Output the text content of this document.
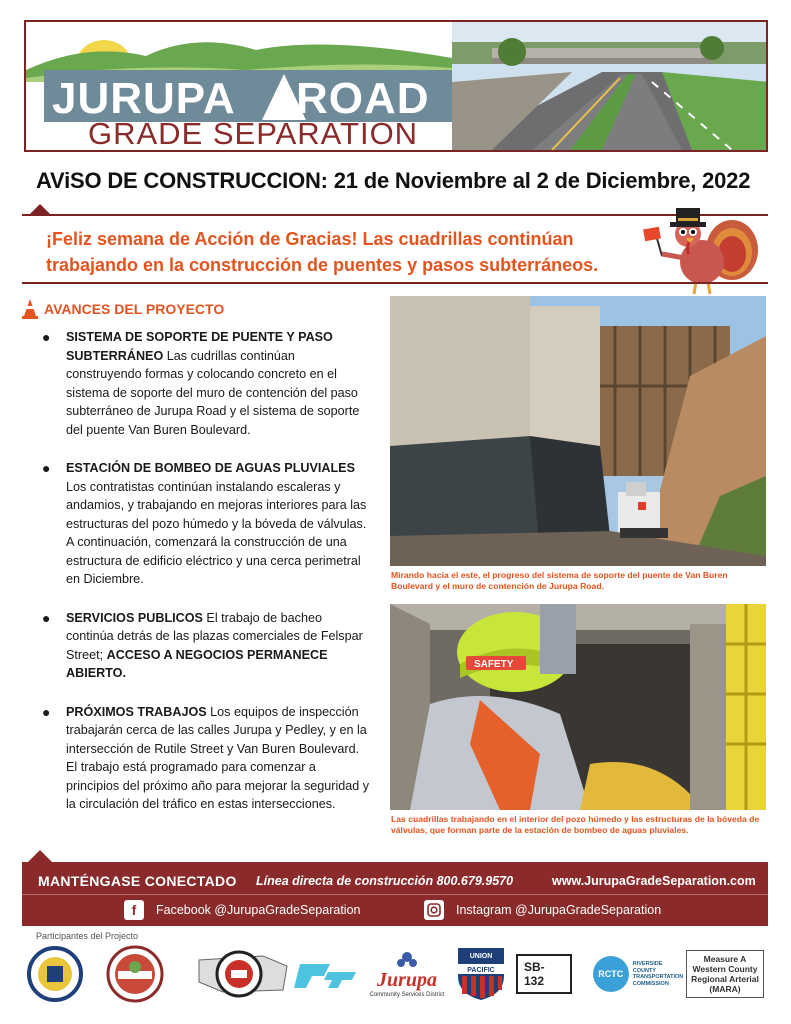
JURUPA ROAD
GRADE SEPARATION
AViSO DE CONSTRUCCION: 21 de Noviembre al 2 de Diciembre, 2022
¡Feliz semana de Acción de Gracias! Las cuadrillas continúan trabajando en la construcción de puentes y pasos subterráneos.
AVANCES DEL PROYECTO
●	SISTEMA DE SOPORTE DE PUENTE Y PASO SUBTERRÁNEO Las cudrillas continúan construyendo formas y colocando concreto en el sistema de soporte del muro de contención del paso subterráneo de Jurupa Road y el sistema de soporte del puente Van Buren Boulevard.
●	ESTACIÓN DE BOMBEO DE AGUAS PLUVIALES Los contratistas continúan instalando escaleras y andamios, y trabajando en mejoras interiores para las estructuras del pozo húmedo y la bóveda de válvulas. A continuación, comenzará la construcción de una estructura de edificio eléctrico y una cerca perimetral en Diciembre.
●	SERVICIOS PUBLICOS El trabajo de bacheo continúa detrás de las plazas comerciales de Felspar Street; ACCESO A NEGOCIOS PERMANECE ABIERTO.
●	PRÓXIMOS TRABAJOS Los equipos de inspección trabajarán cerca de las calles Jurupa y Pedley, y en la intersección de Rutile Street y Van Buren Boulevard. El trabajo está programado para comenzar a principios del próximo año para mejorar la seguridad y la circulación del tráfico en estas intersecciones.
Mirando hacia el este, el progreso del sistema de soporte del puente de Van Buren Boulevard y el muro de contención de Jurupa Road.
SAFETY
Las cuadrillas trabajando en el interior del pozo húmedo y las estructuras de la bóveda de válvulas, que forman parte de la estación de bombeo de aguas pluviales.
MANTÉNGASE CONECTADO Línea directa de construcción 800.679.9570	www.JurupaGradeSeparation.com
f	Facebook @JurupaGradeSeparation	Instagram @JurupaGradeSeparation
Participantes del Projecto
Jurupa
Community Services District
UNION
PACIFIC	SB-132	RCTC
RIVERSIDE
COUNTY
TRANSPORTATION
COMMISSION
Measure A
Western County
Regional Arterial
(MARA)
